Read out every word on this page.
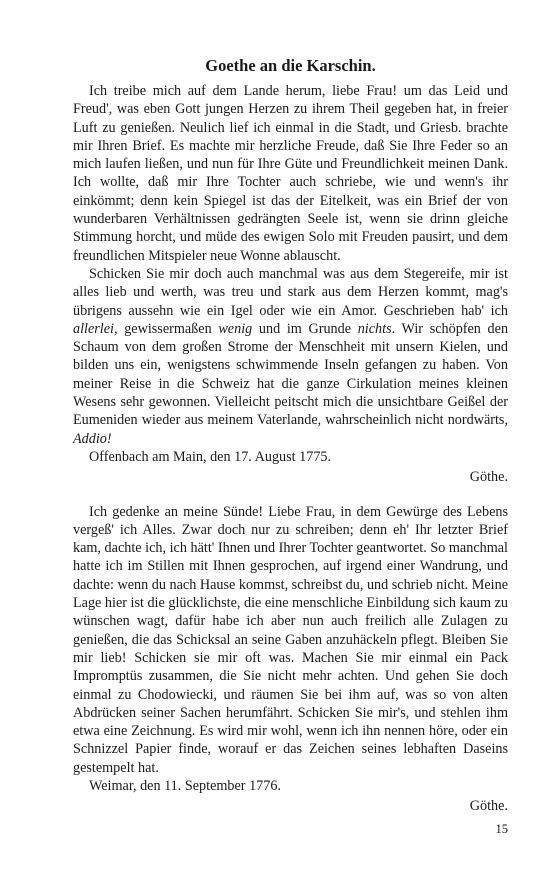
Goethe an die Karschin.

Ich treibe mich auf dem Lande herum, liebe Frau! um das Leid und Freud', was eben Gott jungen Herzen zu ihrem Theil gegeben hat, in freier Luft zu genießen. Neulich lief ich einmal in die Stadt, und Griesb. brachte mir Ihren Brief. Es machte mir herzliche Freude, daß Sie Ihre Feder so an mich laufen ließen, und nun für Ihre Güte und Freundlichkeit meinen Dank. Ich wollte, daß mir Ihre Tochter auch schriebe, wie und wenn's ihr einkömmt; denn kein Spiegel ist das der Eitelkeit, was ein Brief der von wunderbaren Verhältnissen gedrängten Seele ist, wenn sie drinn gleiche Stimmung horcht, und müde des ewigen Solo mit Freuden pausirt, und dem freundlichen Mitspieler neue Wonne ablauscht.

Schicken Sie mir doch auch manchmal was aus dem Stegereife, mir ist alles lieb und werth, was treu und stark aus dem Herzen kommt, mag's übrigens aussehn wie ein Igel oder wie ein Amor. Geschrieben hab' ich allerlei, gewissermaßen wenig und im Grunde nichts. Wir schöpfen den Schaum von dem großen Strome der Menschheit mit unsern Kielen, und bilden uns ein, wenigstens schwimmende Inseln gefangen zu haben. Von meiner Reise in die Schweiz hat die ganze Cirkulation meines kleinen Wesens sehr gewonnen. Vielleicht peitscht mich die unsichtbare Geißel der Eumeniden wieder aus meinem Vaterlande, wahrscheinlich nicht nordwärts, Addio!

Offenbach am Main, den 17. August 1775.

Göthe.

Ich gedenke an meine Sünde! Liebe Frau, in dem Gewürge des Lebens vergeß' ich Alles. Zwar doch nur zu schreiben; denn eh' Ihr letzter Brief kam, dachte ich, ich hätt' Ihnen und Ihrer Tochter geantwortet. So manchmal hatte ich im Stillen mit Ihnen gesprochen, auf irgend einer Wandrung, und dachte: wenn du nach Hause kommst, schreibst du, und schrieb nicht. Meine Lage hier ist die glücklichste, die eine menschliche Einbildung sich kaum zu wünschen wagt, dafür habe ich aber nun auch freilich alle Zulagen zu genießen, die das Schicksal an seine Gaben anzuhäckeln pflegt. Bleiben Sie mir lieb! Schicken sie mir oft was. Machen Sie mir einmal ein Pack Impromptüs zusammen, die Sie nicht mehr achten. Und gehen Sie doch einmal zu Chodowiecki, und räumen Sie bei ihm auf, was so von alten Abdrücken seiner Sachen herumfährt. Schicken Sie mir's, und stehlen ihm etwa eine Zeichnung. Es wird mir wohl, wenn ich ihn nennen höre, oder ein Schnizzel Papier finde, worauf er das Zeichen seines lebhaften Daseins gestempelt hat.

Weimar, den 11. September 1776.

Göthe.

15
